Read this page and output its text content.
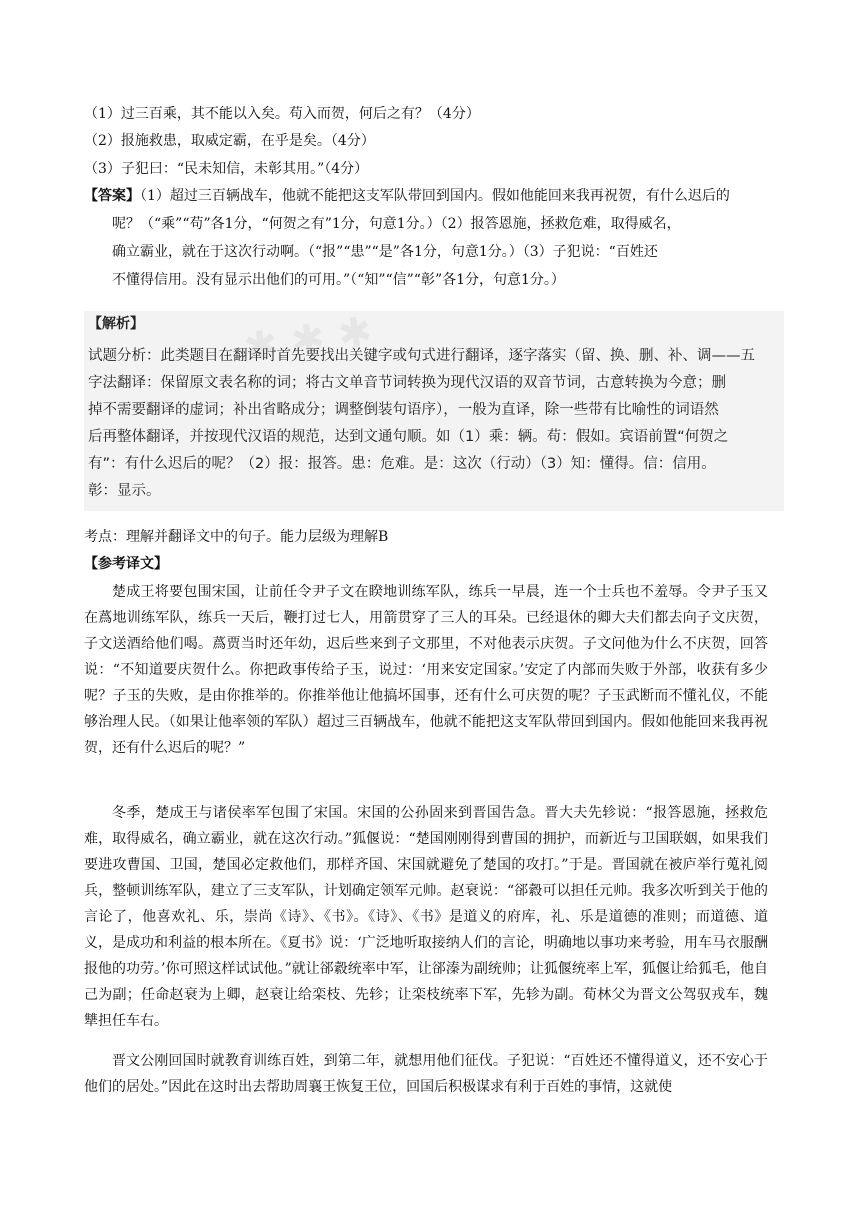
（1）过三百乘，其不能以入矣。苟入而贺，何后之有？（4分）
（2）报施救患，取威定霸，在乎是矣。（4分）
（3）子犯曰：“民未知信，未彰其用。”（4分）
【答案】（1）超过三百辆战车，他就不能把这支军队带回到国内。假如他能回来我再祝贺，有什么迟后的
呢？（“乘”“苟”各1分，“何贺之有”1分，句意1分。）（2）报答恩施，拯救危难，取得威名，
确立霸业，就在于这次行动啊。（“报”“患”“是”各1分，句意1分。）（3）子犯说：“百姓还
不懂得信用。没有显示出他们的可用。”（“知”“信”“彰”各1分，句意1分。）
✱ ✱ ✱
【解析】
试题分析：此类题目在翻译时首先要找出关键字或句式进行翻译，逐字落实（留、换、删、补、调——五
字法翻译：保留原文表名称的词；将古文单音节词转换为现代汉语的双音节词，古意转换为今意；删
掉不需要翻译的虚词；补出省略成分；调整倒装句语序），一般为直译，除一些带有比喻性的词语然
后再整体翻译，并按现代汉语的规范，达到文通句顺。如（1）乘：辆。苟：假如。宾语前置“何贺之
有”：有什么迟后的呢？（2）报：报答。患：危难。是：这次（行动）（3）知：懂得。信：信用。
彰：显示。
考点：理解并翻译文中的句子。能力层级为理解B
【参考译文】
楚成王将要包围宋国，让前任令尹子文在睽地训练军队，练兵一早晨，连一个士兵也不羞辱。令尹子玉又在蔿地训练军队，练兵一天后，鞭打过七人，用箭贯穿了三人的耳朵。已经退休的卿大夫们都去向子文庆贺，子文送酒给他们喝。蔿贾当时还年幼，迟后些来到子文那里，不对他表示庆贺。子文问他为什么不庆贺，回答说：“不知道要庆贺什么。你把政事传给子玉，说过：‘用来安定国家。’安定了内部而失败于外部，收获有多少呢？子玉的失败，是由你推举的。你推举他让他搞坏国事，还有什么可庆贺的呢？子玉武断而不懂礼仪，不能够治理人民。（如果让他率领的军队）超过三百辆战车，他就不能把这支军队带回到国内。假如他能回来我再祝贺，还有什么迟后的呢？”
冬季，楚成王与诸侯率军包围了宋国。宋国的公孙固来到晋国告急。晋大夫先轸说：“报答恩施，拯救危难，取得威名，确立霸业，就在这次行动。”狐偃说：“楚国刚刚得到曹国的拥护，而新近与卫国联姻，如果我们要进攻曹国、卫国，楚国必定救他们，那样齐国、宋国就避免了楚国的攻打。”于是。晋国就在被庐举行蒐礼阅兵，整顿训练军队，建立了三支军队，计划确定领军元帅。赵衰说：“郤縠可以担任元帅。我多次听到关于他的言论了，他喜欢礼、乐，崇尚《诗》、《书》。《诗》、《书》是道义的府库，礼、乐是道德的准则；而道德、道义，是成功和利益的根本所在。《夏书》说：‘广泛地听取接纳人们的言论，明确地以事功来考验，用车马衣服酬报他的功劳。’你可照这样试试他。”就让郤縠统率中军，让郤溱为副统帅；让狐偃统率上军，狐偃让给狐毛，他自己为副；任命赵衰为上卿，赵衰让给栾枝、先轸；让栾枝统率下军，先轸为副。荀林父为晋文公驾驭戎车，魏犨担任车右。
晋文公刚回国时就教育训练百姓，到第二年，就想用他们征伐。子犯说：“百姓还不懂得道义，还不安心于他们的居处。”因此在这时出去帮助周襄王恢复王位，回国后积极谋求有利于百姓的事情，这就使
